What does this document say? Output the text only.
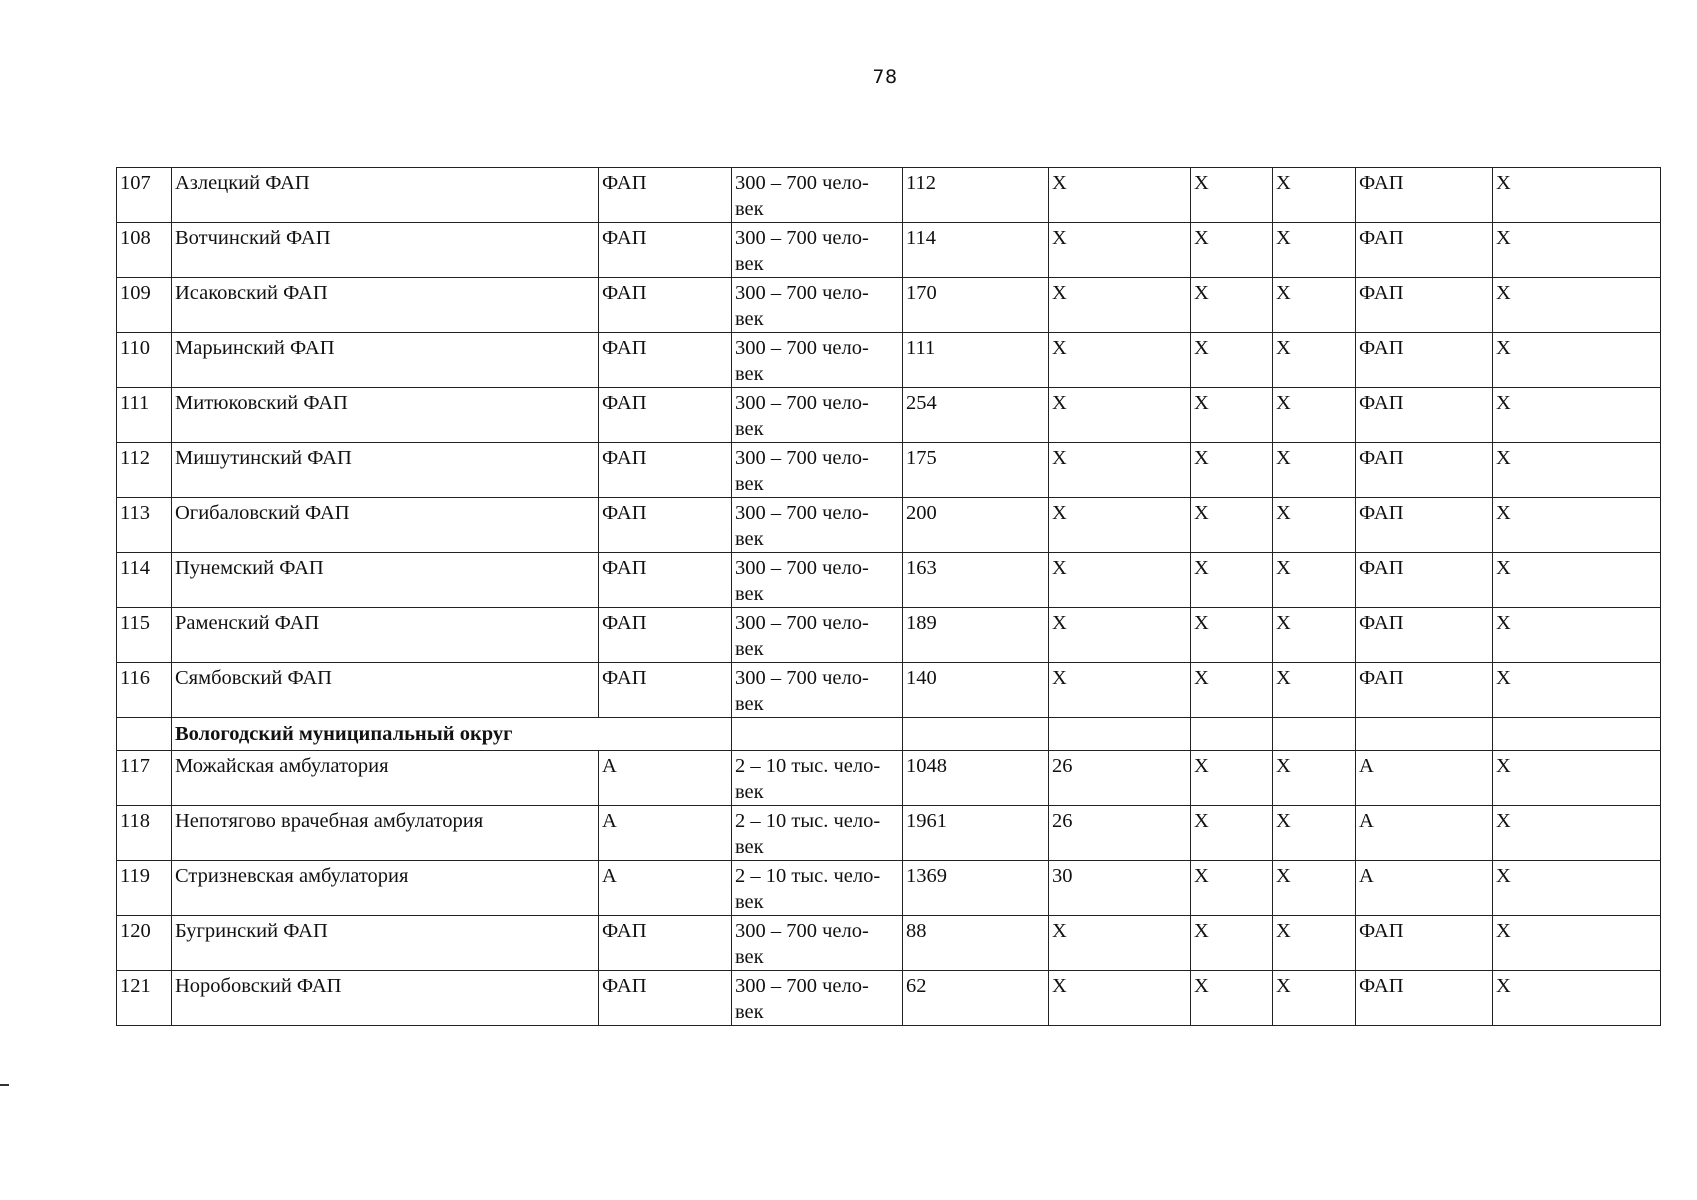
78
107	Азлецкий ФАП	ФАП	300 – 700 чело-
век	112	Х	Х	Х	ФАП	Х
108	Вотчинский ФАП	ФАП	300 – 700 чело-
век	114	Х	Х	Х	ФАП	Х
109	Исаковский ФАП	ФАП	300 – 700 чело-
век	170	Х	Х	Х	ФАП	Х
110	Марьинский ФАП	ФАП	300 – 700 чело-
век	111	Х	Х	Х	ФАП	Х
111	Митюковский ФАП	ФАП	300 – 700 чело-
век	254	Х	Х	Х	ФАП	Х
112	Мишутинский ФАП	ФАП	300 – 700 чело-
век	175	Х	Х	Х	ФАП	Х
113	Огибаловский ФАП	ФАП	300 – 700 чело-
век	200	Х	Х	Х	ФАП	Х
114	Пунемский ФАП	ФАП	300 – 700 чело-
век	163	Х	Х	Х	ФАП	Х
115	Раменский ФАП	ФАП	300 – 700 чело-
век	189	Х	Х	Х	ФАП	Х
116	Сямбовский ФАП	ФАП	300 – 700 чело-
век	140	Х	Х	Х	ФАП	Х
	Вологодский муниципальный округ								
117	Можайская амбулатория	А	2 – 10 тыс. чело-
век	1048	26	Х	Х	А	Х
118	Непотягово врачебная амбулатория	А	2 – 10 тыс. чело-
век	1961	26	Х	Х	А	Х
119	Стризневская амбулатория	А	2 – 10 тыс. чело-
век	1369	30	Х	Х	А	Х
120	Бугринский ФАП	ФАП	300 – 700 чело-
век	88	Х	Х	Х	ФАП	Х
121	Норобовский ФАП	ФАП	300 – 700 чело-
век	62	Х	Х	Х	ФАП	Х
